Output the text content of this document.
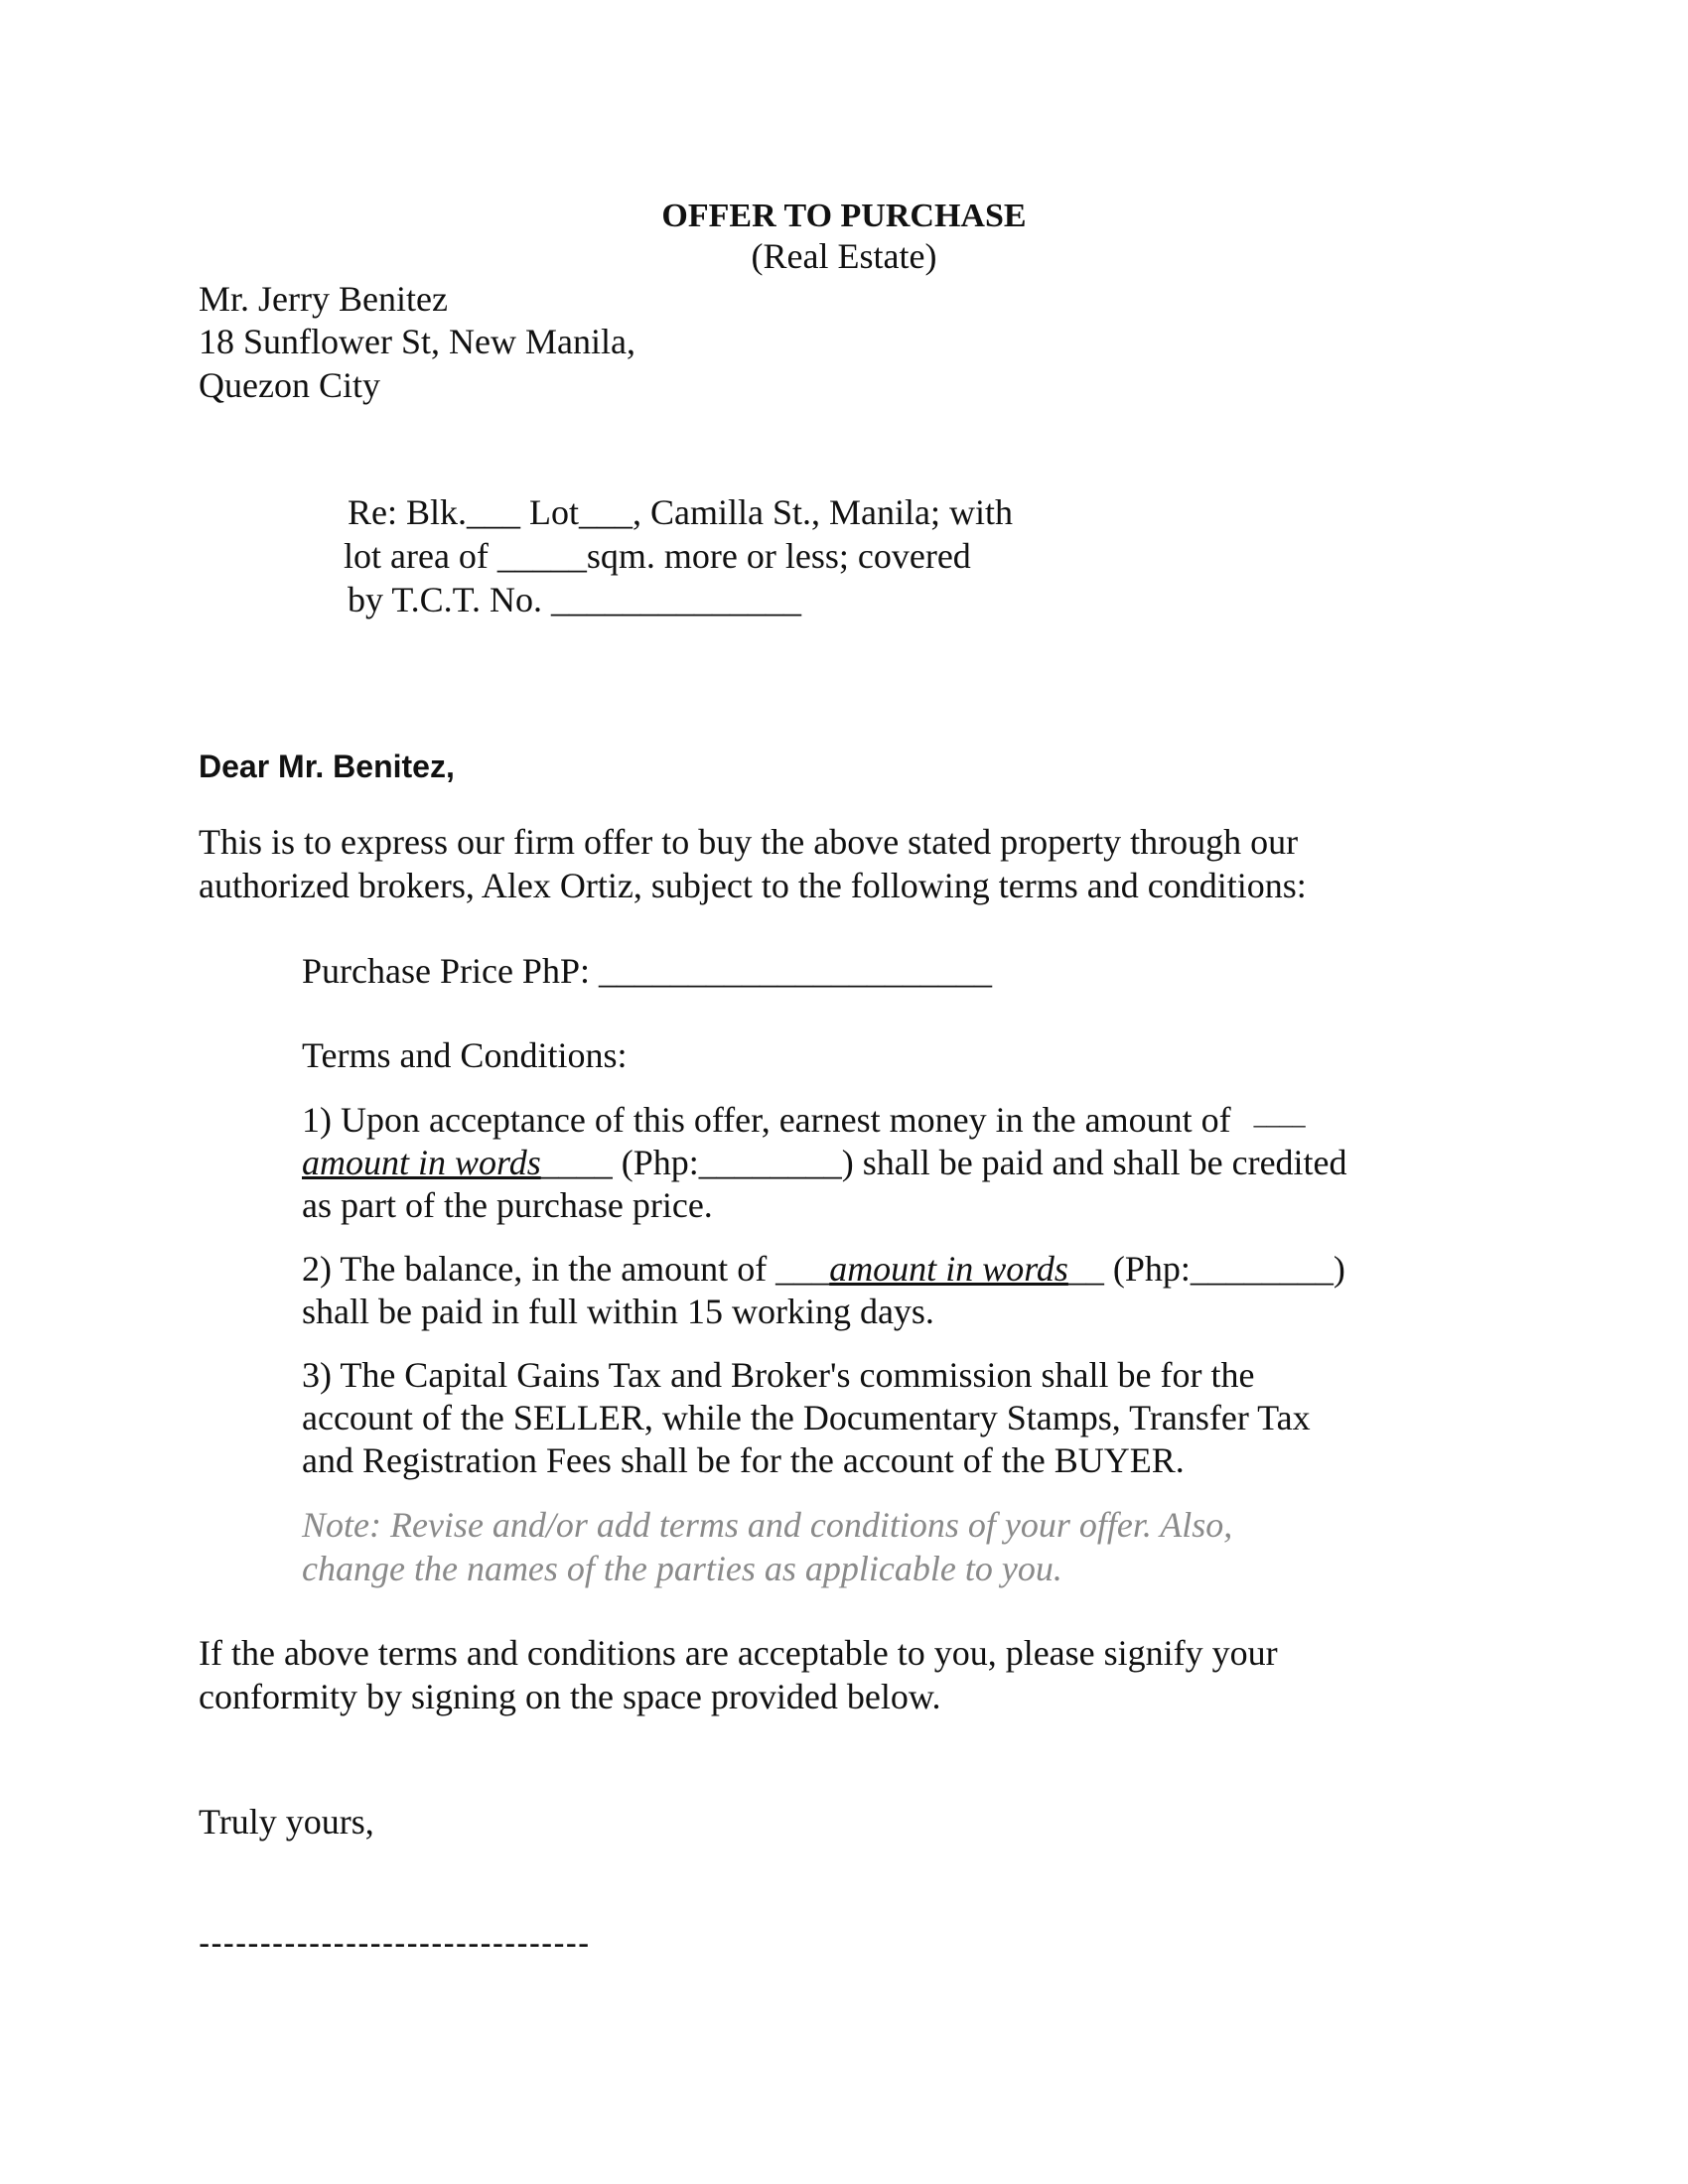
OFFER TO PURCHASE
(Real Estate)
Mr. Jerry Benitez
18 Sunflower St, New Manila,
Quezon City
Re: Blk.___ Lot___, Camilla St., Manila; with
lot area of _____sqm. more or less; covered
by T.C.T. No. ______________
Dear Mr. Benitez,
This is to express our firm offer to buy the above stated property through our
authorized brokers, Alex Ortiz, subject to the following terms and conditions:
Purchase Price PhP: ______________________
Terms and Conditions:
1) Upon acceptance of this offer, earnest money in the amount of ____
amount in words____ (Php:________) shall be paid and shall be credited
as part of the purchase price.
2) The balance, in the amount of ___amount in words__ (Php:________)
shall be paid in full within 15 working days.
3) The Capital Gains Tax and Broker's commission shall be for the
account of the SELLER, while the Documentary Stamps, Transfer Tax
and Registration Fees shall be for the account of the BUYER.
Note: Revise and/or add terms and conditions of your offer. Also,
change the names of the parties as applicable to you.
If the above terms and conditions are acceptable to you, please signify your
conformity by signing on the space provided below.
Truly yours,
--------------------------------
